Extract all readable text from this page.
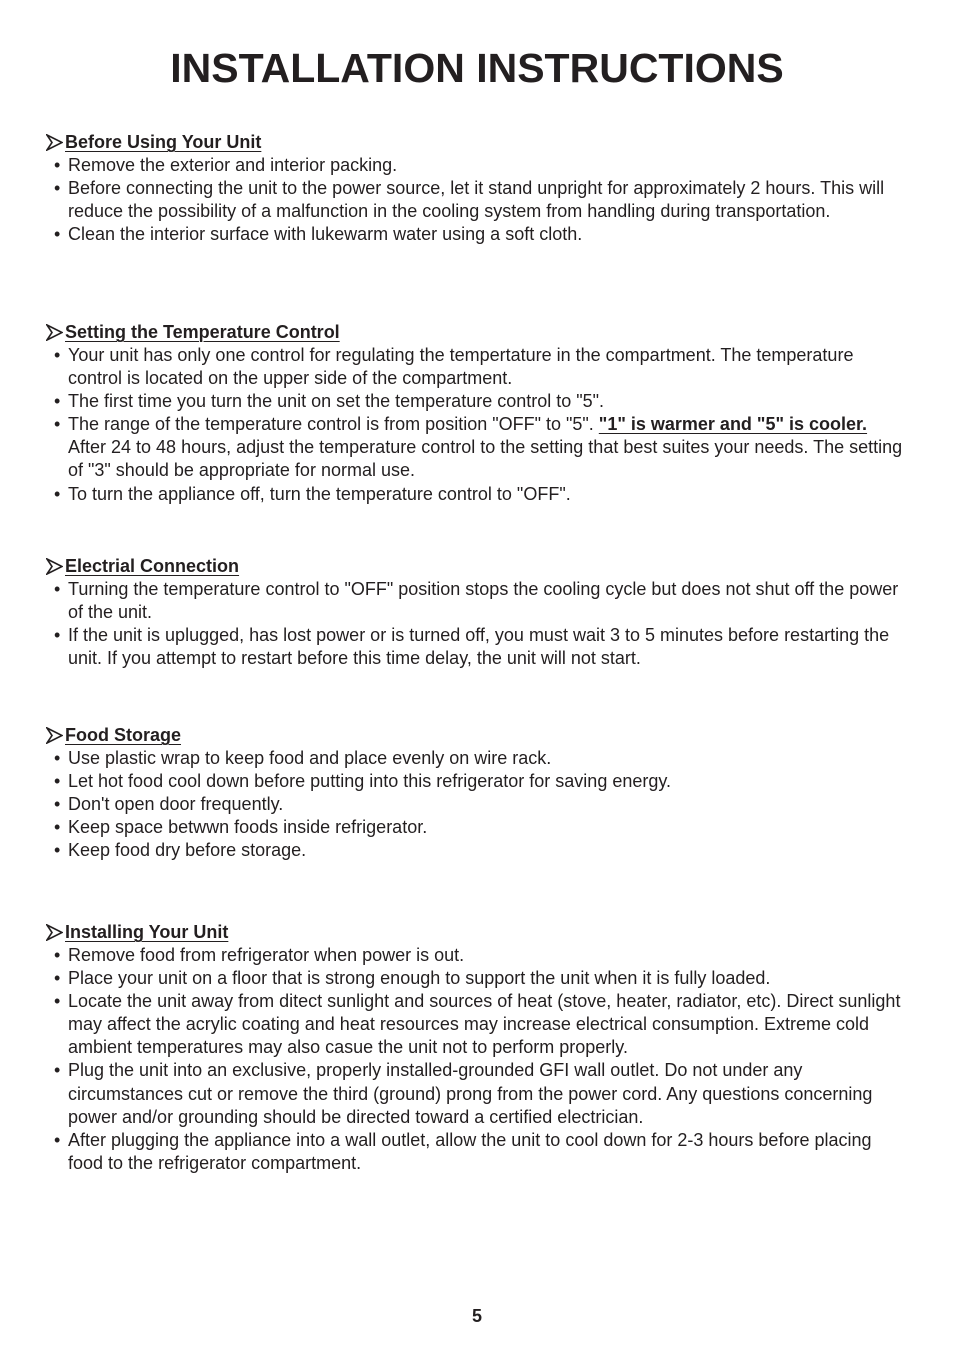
INSTALLATION INSTRUCTIONS
Before Using Your Unit
• Remove the exterior and interior packing.
• Before connecting the unit to the power source, let it stand unpright for approximately 2 hours. This will reduce the possibility of a malfunction in the cooling system from handling during transportation.
• Clean the interior surface with lukewarm water using a soft cloth.
Setting the Temperature Control
• Your unit has only one control for regulating the tempertature in the compartment. The temperature control is located on the upper side of the compartment.
• The first time you turn the unit on set the temperature control to "5".
• The range of the temperature control is from position "OFF" to "5". "1" is warmer and "5" is cooler. After 24 to 48 hours, adjust the temperature control to the setting that best suites your needs. The setting of "3" should be appropriate for normal use.
• To turn the appliance off, turn the temperature control to "OFF".
Electrial Connection
• Turning the temperature control to "OFF" position stops the cooling cycle but does not shut off the power of the unit.
• If the unit is uplugged, has lost power or is turned off, you must wait 3 to 5 minutes before restarting the unit. If you attempt to restart before this time delay, the unit will not start.
Food Storage
• Use plastic wrap to keep food and place evenly on wire rack.
• Let hot food cool down before putting into this refrigerator for saving energy.
• Don't open door frequently.
• Keep space betwwn foods inside refrigerator.
• Keep food dry before storage.
Installing Your Unit
• Remove food from refrigerator when power is out.
• Place your unit on a floor that is strong enough to support the unit when it is fully loaded.
• Locate the unit away from ditect sunlight and sources of heat (stove, heater, radiator, etc). Direct sunlight may affect the acrylic coating and heat resources may increase electrical consumption. Extreme cold ambient temperatures may also casue the unit not to perform properly.
• Plug the unit into an exclusive, properly installed-grounded GFI wall outlet. Do not under any circumstances cut or remove the third (ground) prong from the power cord. Any questions concerning power and/or grounding should be directed toward a certified electrician.
• After plugging the appliance into a wall outlet, allow the unit to cool down for 2-3 hours before placing food to the refrigerator compartment.
5
